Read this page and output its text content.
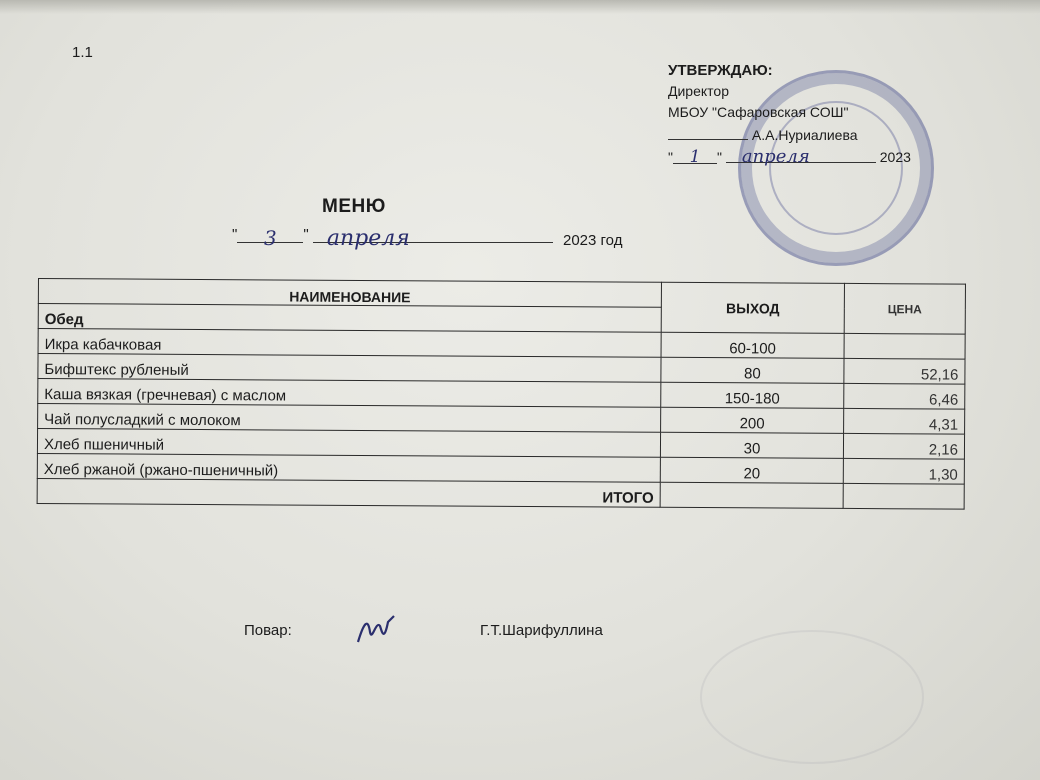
1.1
УТВЕРЖДАЮ:
Директор
МБОУ "Сафаровская СОШ"
А.А.Нуриалиева
" 1 " апреля	2023
МЕНЮ
" 3 " апреля	2023 год
НАИМЕНОВАНИЕ	ВЫХОД	ЦЕНА
Обед		
Икра кабачковая	60-100	
Бифштекс рубленый	80	52,16
Каша вязкая (гречневая) с маслом	150-180	6,46
Чай полусладкий с молоком	200	4,31
Хлеб пшеничный	30	2,16
Хлеб ржаной (ржано-пшеничный)	20	1,30
ИТОГО		
Повар:	Г.Т.Шарифуллина
